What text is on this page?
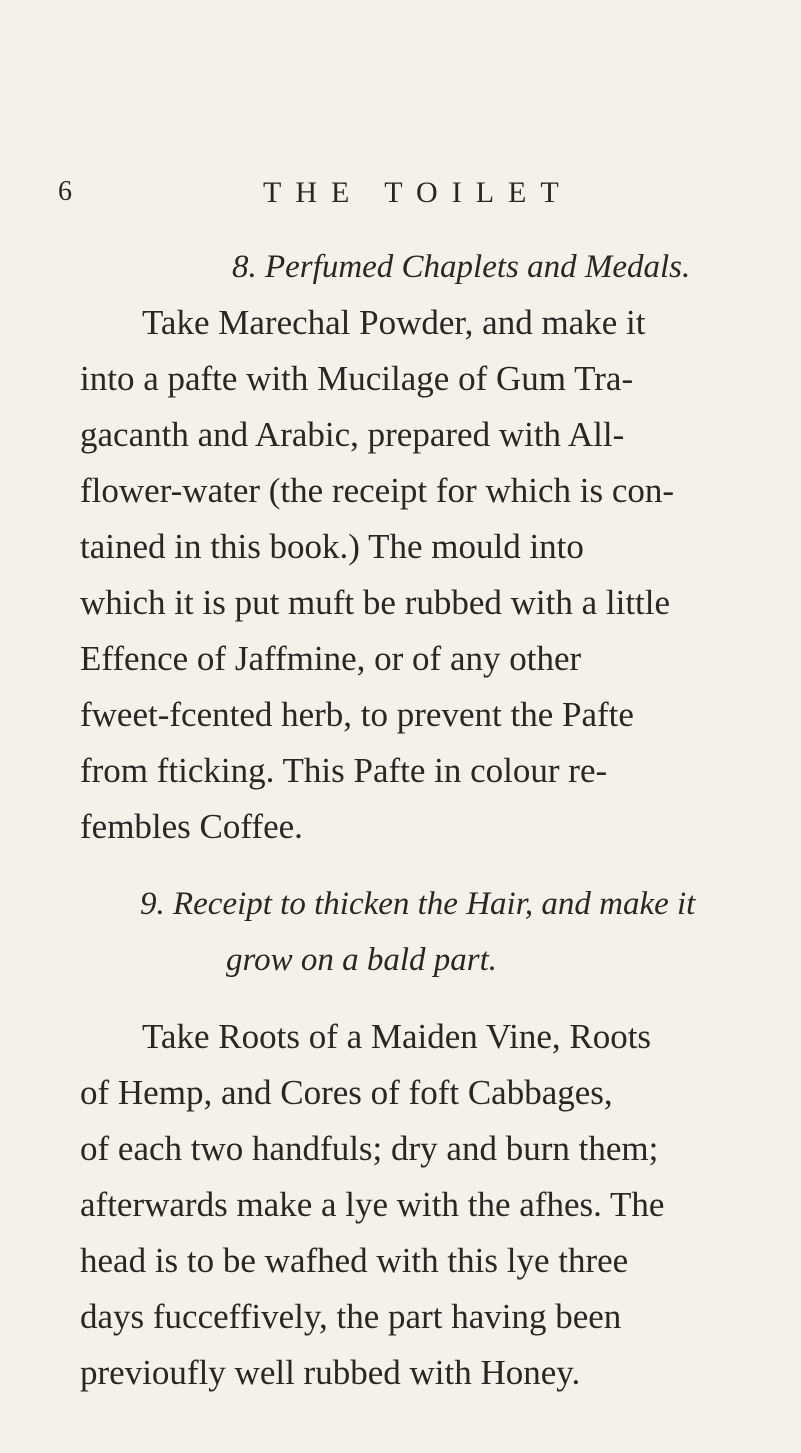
6	THE TOILET
8. Perfumed Chaplets and Medals.
Take Marechal Powder, and make it
into a pafte with Mucilage of Gum Tra-
gacanth and Arabic, prepared with All-
flower-water (the receipt for which is con-
tained in this book.) The mould into
which it is put muft be rubbed with a little
Effence of Jaffmine, or of any other
fweet-fcented herb, to prevent the Pafte
from fticking. This Pafte in colour re-
fembles Coffee.
9. Receipt to thicken the Hair, and make it
grow on a bald part.
Take Roots of a Maiden Vine, Roots
of Hemp, and Cores of foft Cabbages,
of each two handfuls; dry and burn them;
afterwards make a lye with the afhes. The
head is to be wafhed with this lye three
days fucceffively, the part having been
previoufly well rubbed with Honey.
